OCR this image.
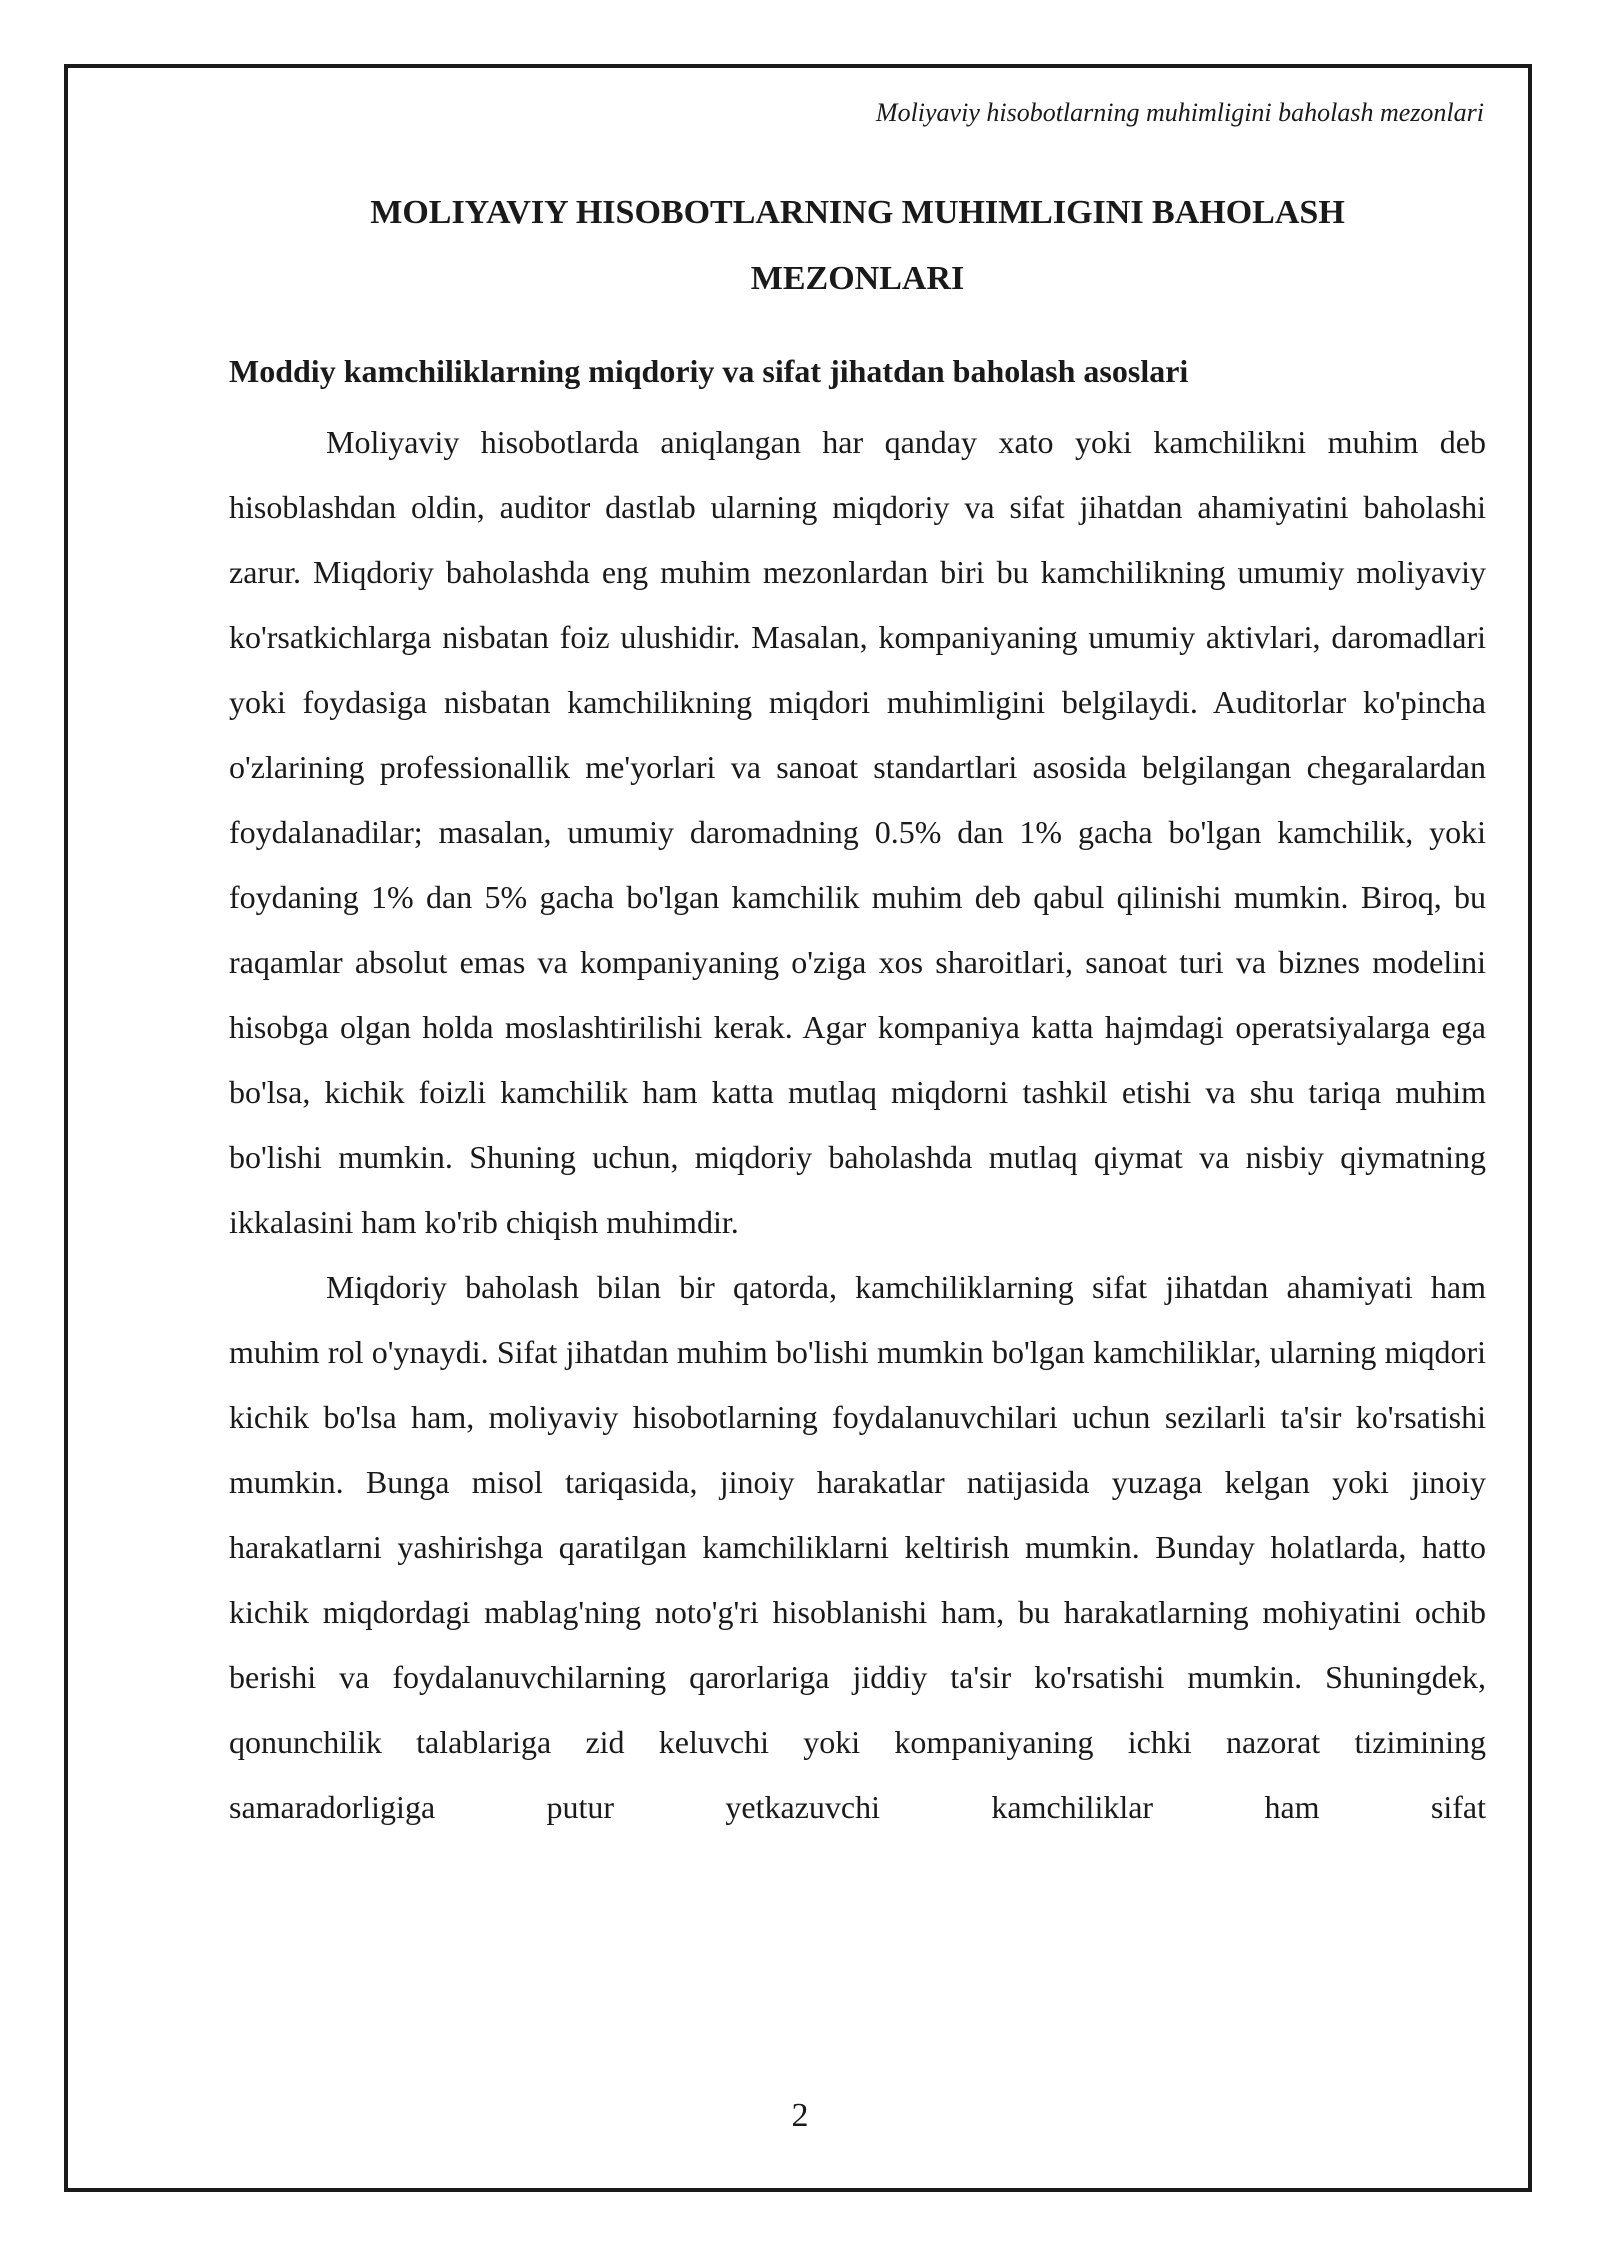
Moliyaviy hisobotlarning muhimligini baholash mezonlari
MOLIYAVIY HISOBOTLARNING MUHIMLIGINI BAHOLASH
MEZONLARI
Moddiy kamchiliklarning miqdoriy va sifat jihatdan baholash asoslari

Moliyaviy hisobotlarda aniqlangan har qanday xato yoki kamchilikni muhim deb hisoblashdan oldin, auditor dastlab ularning miqdoriy va sifat jihatdan ahamiyatini baholashi zarur. Miqdoriy baholashda eng muhim mezonlardan biri bu kamchilikning umumiy moliyaviy ko'rsatkichlarga nisbatan foiz ulushidir. Masalan, kompaniyaning umumiy aktivlari, daromadlari yoki foydasiga nisbatan kamchilikning miqdori muhimligini belgilaydi. Auditorlar ko'pincha o'zlarining professionallik me'yorlari va sanoat standartlari asosida belgilangan chegaralardan foydalanadilar; masalan, umumiy daromadning 0.5% dan 1% gacha bo'lgan kamchilik, yoki foydaning 1% dan 5% gacha bo'lgan kamchilik muhim deb qabul qilinishi mumkin. Biroq, bu raqamlar absolut emas va kompaniyaning o'ziga xos sharoitlari, sanoat turi va biznes modelini hisobga olgan holda moslashtirilishi kerak. Agar kompaniya katta hajmdagi operatsiyalarga ega bo'lsa, kichik foizli kamchilik ham katta mutlaq miqdorni tashkil etishi va shu tariqa muhim bo'lishi mumkin. Shuning uchun, miqdoriy baholashda mutlaq qiymat va nisbiy qiymatning ikkalasini ham ko'rib chiqish muhimdir.

Miqdoriy baholash bilan bir qatorda, kamchiliklarning sifat jihatdan ahamiyati ham muhim rol o'ynaydi. Sifat jihatdan muhim bo'lishi mumkin bo'lgan kamchiliklar, ularning miqdori kichik bo'lsa ham, moliyaviy hisobotlarning foydalanuvchilari uchun sezilarli ta'sir ko'rsatishi mumkin. Bunga misol tariqasida, jinoiy harakatlar natijasida yuzaga kelgan yoki jinoiy harakatlarni yashirishga qaratilgan kamchiliklarni keltirish mumkin. Bunday holatlarda, hatto kichik miqdordagi mablag'ning noto'g'ri hisoblanishi ham, bu harakatlarning mohiyatini ochib berishi va foydalanuvchilarning qarorlariga jiddiy ta'sir ko'rsatishi mumkin. Shuningdek, qonunchilik talablariga zid keluvchi yoki kompaniyaning ichki nazorat tizimining samaradorligiga putur yetkazuvchi kamchiliklar ham sifat

2
